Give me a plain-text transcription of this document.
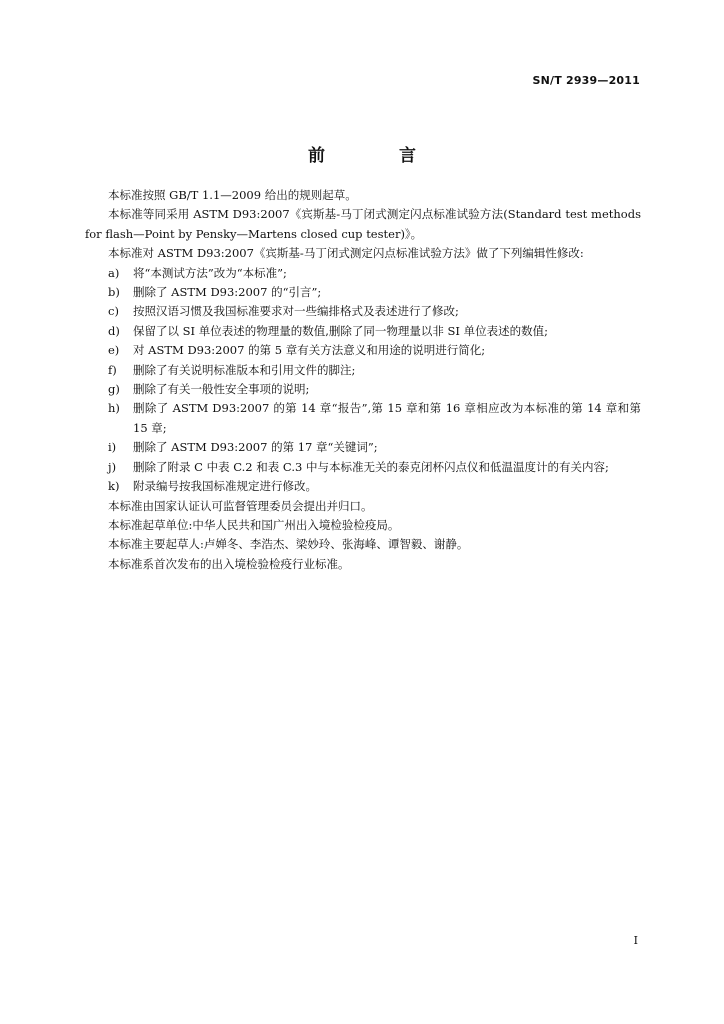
SN/T 2939—2011
前 言

本标准按照 GB/T 1.1—2009 给出的规则起草。

本标准等同采用 ASTM D93:2007《宾斯基-马丁闭式测定闪点标准试验方法(Standard test methods for flash—Point by Pensky—Martens closed cup tester)》。

本标准对 ASTM D93:2007《宾斯基-马丁闭式测定闪点标准试验方法》做了下列编辑性修改:

a) 将“本测试方法”改为“本标准”;
b) 删除了 ASTM D93:2007 的“引言”;
c) 按照汉语习惯及我国标准要求对一些编排格式及表述进行了修改;
d) 保留了以 SI 单位表述的物理量的数值,删除了同一物理量以非 SI 单位表述的数值;
e) 对 ASTM D93:2007 的第 5 章有关方法意义和用途的说明进行简化;
f) 删除了有关说明标准版本和引用文件的脚注;
g) 删除了有关一般性安全事项的说明;
h) 删除了 ASTM D93:2007 的第 14 章“报告”,第 15 章和第 16 章相应改为本标准的第 14 章和第 15 章;
i) 删除了 ASTM D93:2007 的第 17 章“关键词”;
j) 删除了附录 C 中表 C.2 和表 C.3 中与本标准无关的泰克闭杯闪点仪和低温温度计的有关内容;
k) 附录编号按我国标准规定进行修改。

本标准由国家认证认可监督管理委员会提出并归口。

本标准起草单位:中华人民共和国广州出入境检验检疫局。

本标准主要起草人:卢婵冬、李浩杰、梁妙玲、张海峰、谭智毅、谢静。

本标准系首次发布的出入境检验检疫行业标准。

I
